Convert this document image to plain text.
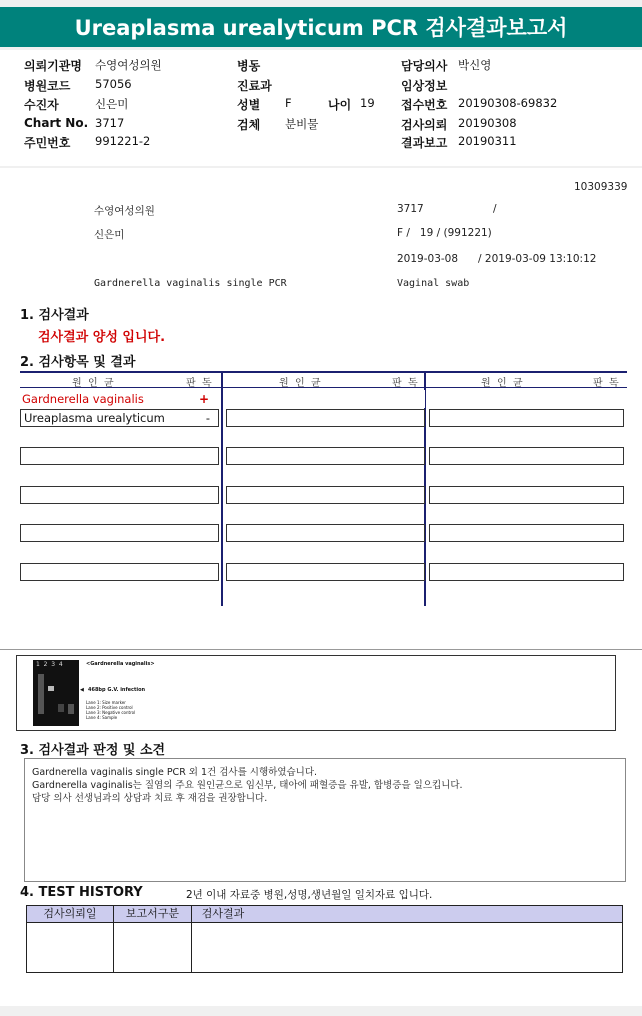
Ureaplasma urealyticum PCR 검사결과보고서
의뢰기관명 수영여성의원
병원코드 57056
수진자	신은미
Chart No. 3717
주민번호 991221-2
병동
진료과
성별 F	나이 19
검체 분비물
담당의사 박신영
임상정보
접수번호 20190308-69832
검사의뢰 20190308
결과보고 20190311
10309339
수영여성의원	3717	/
신은미	F /   19 / (991221)
2019-03-08      / 2019-03-09 13:10:12
Gardnerella vaginalis single PCR	Vaginal swab
1. 검사결과
검사결과 양성 입니다.
2. 검사항목 및 결과
원  인  균	판  독	원  인  균	판  독	원  인  균	판  독
Gardnerella vaginalis	+
Ureaplasma urealyticum	-
1  2  3  4	<Gardnerella vaginalis>
◀ 468bp G.V. infection
Lane 1: Size marker
Lane 2: Positive control
Lane 3: Negative control
Lane 4: Sample
3. 검사결과 판정 및 소견
Gardnerella vaginalis single PCR 외 1건 검사를 시행하였습니다.
Gardnerella vaginalis는 질염의 주요 원인균으로 임신부, 태아에 패혈증을 유발, 합병증을 일으킵니다.
담당 의사 선생님과의 상담과 치료 후 재검을 권장합니다.
4. TEST HISTORY	2년 이내 자료중 병원,성명,생년월일 일치자료 입니다.
검사의뢰일	보고서구분	검사결과
